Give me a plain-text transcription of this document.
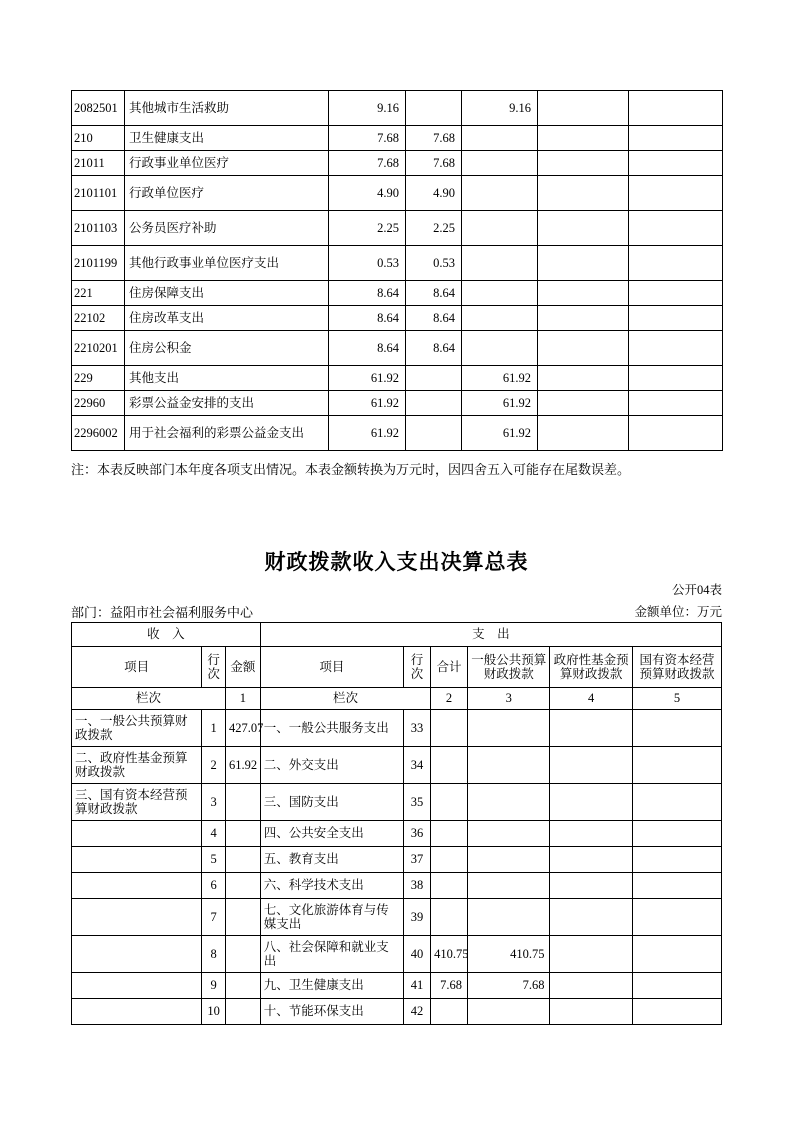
2082501	其他城市生活救助	9.16		9.16		
210	卫生健康支出	7.68	7.68			
21011	行政事业单位医疗	7.68	7.68			
2101101	行政单位医疗	4.90	4.90			
2101103	公务员医疗补助	2.25	2.25			
2101199	其他行政事业单位医疗支出	0.53	0.53			
221	住房保障支出	8.64	8.64			
22102	住房改革支出	8.64	8.64			
2210201	住房公积金	8.64	8.64			
229	其他支出	61.92		61.92		
22960	彩票公益金安排的支出	61.92		61.92		
2296002	用于社会福利的彩票公益金支出	61.92		61.92		
注：本表反映部门本年度各项支出情况。本表金额转换为万元时，因四舍五入可能存在尾数误差。
财政拨款收入支出决算总表
公开04表
部门：益阳市社会福利服务中心	金额单位：万元
收　入			支　出					
项目	行次	金额	项目	行次	合计	一般公共预算财政拨款	政府性基金预算财政拨款	国有资本经营预算财政拨款
栏次		1	栏次		2	3	4	5
一、一般公共预算财政拨款	1	427.07	一、一般公共服务支出	33				
二、政府性基金预算财政拨款	2	61.92	二、外交支出	34				
三、国有资本经营预算财政拨款	3		三、国防支出	35				
	4		四、公共安全支出	36				
	5		五、教育支出	37				
	6		六、科学技术支出	38				
	7		七、文化旅游体育与传媒支出	39				
	8		八、社会保障和就业支出	40	410.75	410.75		
	9		九、卫生健康支出	41	7.68	7.68		
	10		十、节能环保支出	42				
